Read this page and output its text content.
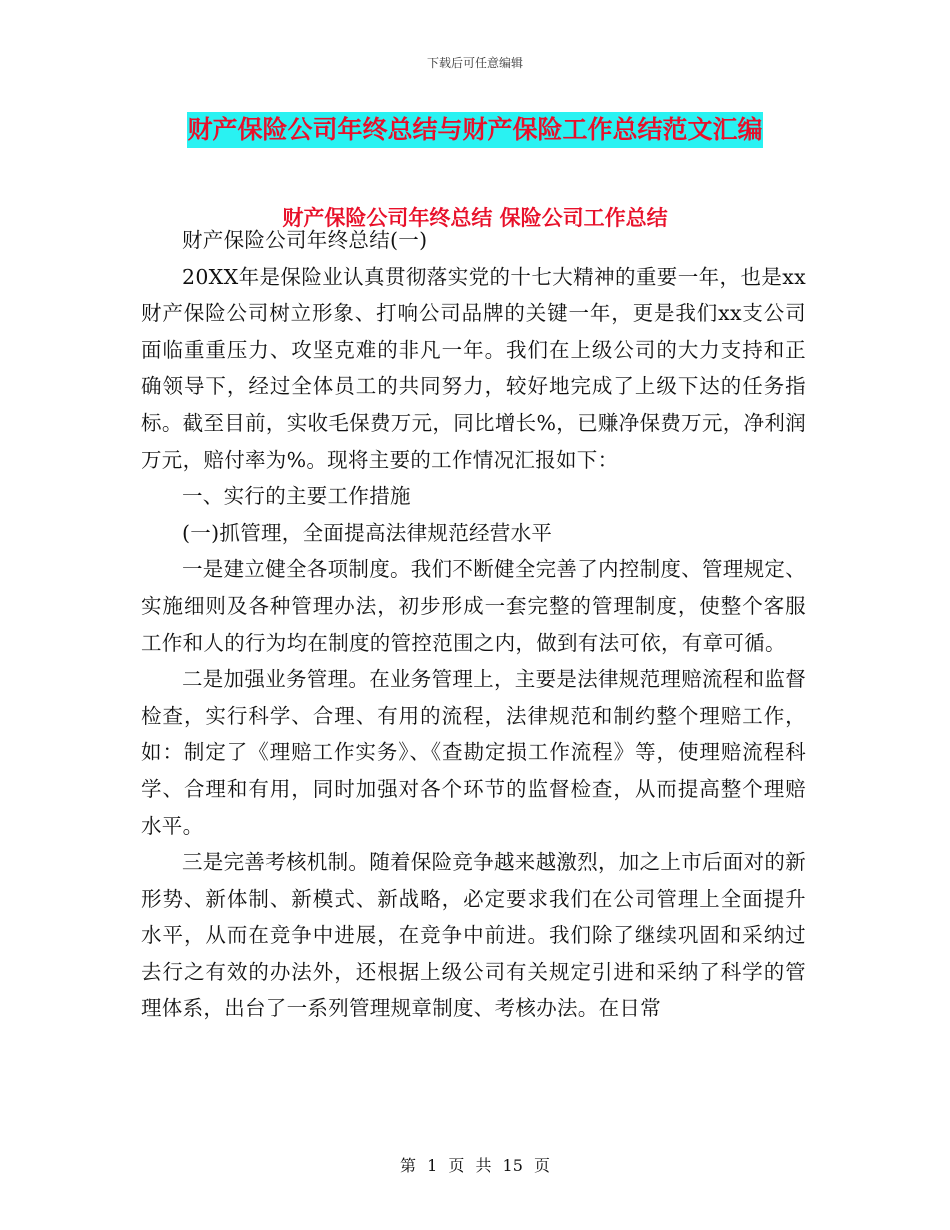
下载后可任意编辑
财产保险公司年终总结与财产保险工作总结范文汇编
财产保险公司年终总结 保险公司工作总结

财产保险公司年终总结(一)

20XX年是保险业认真贯彻落实党的十七大精神的重要一年，也是xx财产保险公司树立形象、打响公司品牌的关键一年，更是我们xx支公司面临重重压力、攻坚克难的非凡一年。我们在上级公司的大力支持和正确领导下，经过全体员工的共同努力，较好地完成了上级下达的任务指标。截至目前，实收毛保费万元，同比增长%，已赚净保费万元，净利润万元，赔付率为%。现将主要的工作情况汇报如下：

一、实行的主要工作措施

(一)抓管理，全面提高法律规范经营水平

一是建立健全各项制度。我们不断健全完善了内控制度、管理规定、实施细则及各种管理办法，初步形成一套完整的管理制度，使整个客服工作和人的行为均在制度的管控范围之内，做到有法可依，有章可循。

二是加强业务管理。在业务管理上，主要是法律规范理赔流程和监督检查，实行科学、合理、有用的流程，法律规范和制约整个理赔工作，如：制定了《理赔工作实务》、《查勘定损工作流程》等，使理赔流程科学、合理和有用，同时加强对各个环节的监督检查，从而提高整个理赔水平。

三是完善考核机制。随着保险竞争越来越激烈，加之上市后面对的新形势、新体制、新模式、新战略，必定要求我们在公司管理上全面提升水平，从而在竞争中进展，在竞争中前进。我们除了继续巩固和采纳过去行之有效的办法外，还根据上级公司有关规定引进和采纳了科学的管理体系，出台了一系列管理规章制度、考核办法。在日常

第 1 页 共 15 页
